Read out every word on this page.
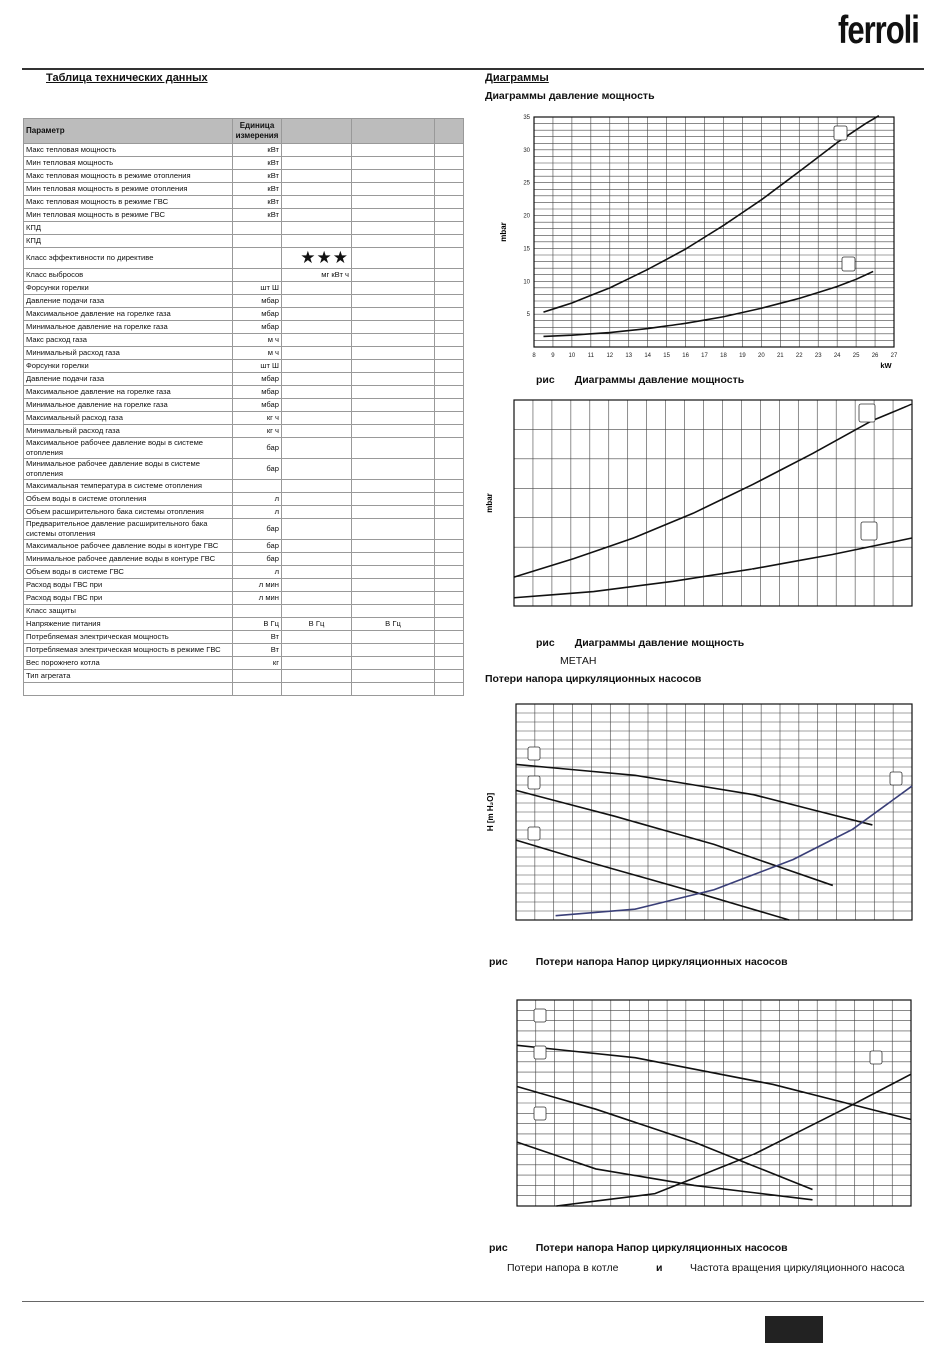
ferroli
Таблица технических данных
Параметр	Единица измерения			
Макс тепловая мощность	кВт			
Мин тепловая мощность	кВт			
Макс тепловая мощность в режиме отопления	кВт			
Мин тепловая мощность в режиме отопления	кВт			
Макс тепловая мощность в режиме ГВС	кВт			
Мин тепловая мощность в режиме ГВС	кВт			
КПД				
КПД				
Класс эффективности по директиве		★★★		
Класс выбросов		мг кВт ч		
Форсунки горелки	шт Ш			
Давление подачи газа	мбар			
Максимальное давление на горелке газа	мбар			
Минимальное давление на горелке газа	мбар			
Макс расход газа	м ч			
Минимальный расход газа	м ч			
Форсунки горелки	шт Ш			
Давление подачи газа	мбар			
Максимальное давление на горелке газа	мбар			
Минимальное давление на горелке газа	мбар			
Максимальный расход газа	кг ч			
Минимальный расход газа	кг ч			
Максимальное рабочее давление воды в системе отопления	бар			
Минимальное рабочее давление воды в системе отопления	бар			
Максимальная температура в системе отопления				
Объем воды в системе отопления	л			
Объем расширительного бака системы отопления	л			
Предварительное давление расширительного бака системы отопления	бар			
Максимальное рабочее давление воды в контуре ГВС	бар			
Минимальное рабочее давление воды в контуре ГВС	бар			
Объем воды в системе ГВС	л			
Расход воды ГВС при	л мин			
Расход воды ГВС при	л мин			
Класс защиты				
Напряжение питания	В Гц	В Гц	В Гц	
Потребляемая электрическая мощность	Вт			
Потребляемая электрическая мощность в режиме ГВС	Вт			
Вес порожнего котла	кг			
Тип агрегата				

Диаграммы
Диаграммы давление мощность
8	9 10 11 12 13 14 15 16 17 18 19 20 21 22 23 24 25 26 27
5
10
15
20
25
30
35
kW
mbar
рис Диаграммы давление мощность
mbar
рис Диаграммы давление мощность
МЕТАН
Потери напора циркуляционных насосов
H [m H₂O]
рис	Потери напора Напор циркуляционных насосов
рис	Потери напора Напор циркуляционных насосов
Потери напора в котле	и	Частота вращения циркуляционного насоса
